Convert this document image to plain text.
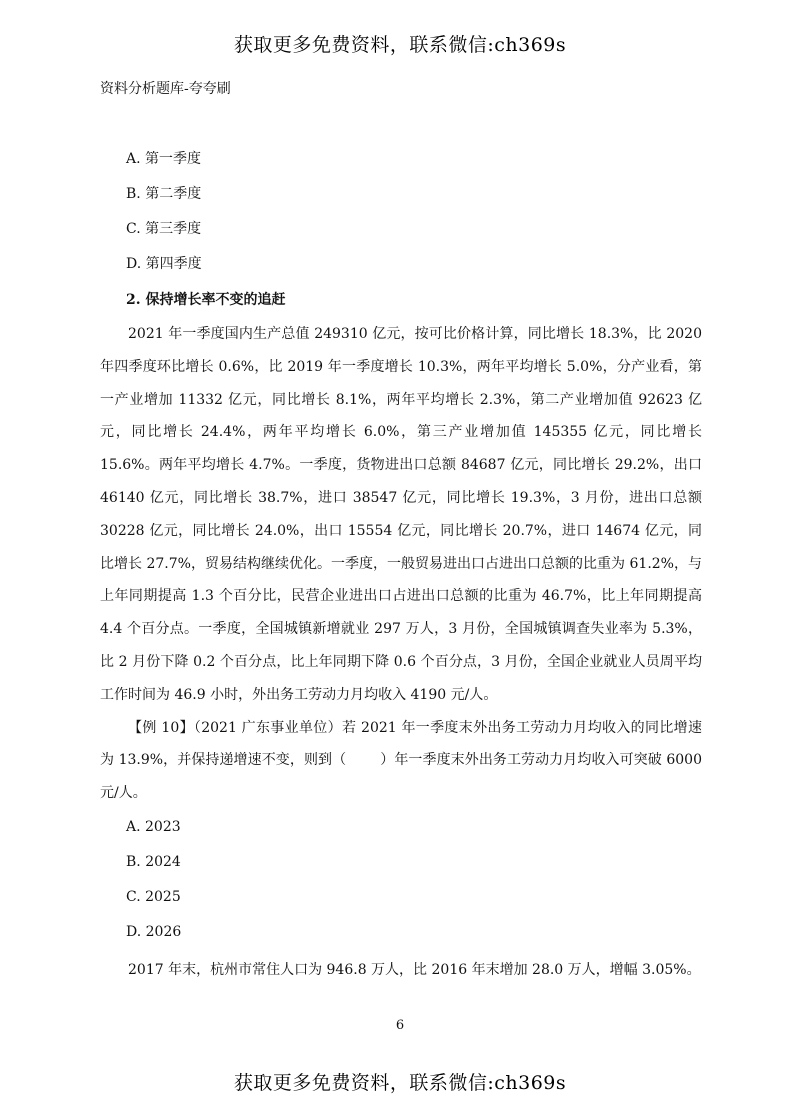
获取更多免费资料，联系微信:ch369s
资料分析题库-夸夸刷
A. 第一季度
B. 第二季度
C. 第三季度
D. 第四季度
2. 保持增长率不变的追赶

2021 年一季度国内生产总值 249310 亿元，按可比价格计算，同比增长 18.3%，比 2020 年四季度环比增长 0.6%，比 2019 年一季度增长 10.3%，两年平均增长 5.0%，分产业看，第一产业增加 11332 亿元，同比增长 8.1%，两年平均增长 2.3%，第二产业增加值 92623 亿元，同比增长 24.4%，两年平均增长 6.0%，第三产业增加值 145355 亿元，同比增长 15.6%。两年平均增长 4.7%。一季度，货物进出口总额 84687 亿元，同比增长 29.2%，出口 46140 亿元，同比增长 38.7%，进口 38547 亿元，同比增长 19.3%，3 月份，进出口总额 30228 亿元，同比增长 24.0%，出口 15554 亿元，同比增长 20.7%，进口 14674 亿元，同比增长 27.7%，贸易结构继续优化。一季度，一般贸易进出口占进出口总额的比重为 61.2%，与上年同期提高 1.3 个百分比，民营企业进出口占进出口总额的比重为 46.7%，比上年同期提高 4.4 个百分点。一季度，全国城镇新增就业 297 万人，3 月份，全国城镇调查失业率为 5.3%，比 2 月份下降 0.2 个百分点，比上年同期下降 0.6 个百分点，3 月份，全国企业就业人员周平均工作时间为 46.9 小时，外出务工劳动力月均收入 4190 元/人。

【例 10】（2021 广东事业单位）若 2021 年一季度末外出务工劳动力月均收入的同比增速为 13.9%，并保持递增速不变，则到（ ）年一季度末外出务工劳动力月均收入可突破 6000 元/人。

A. 2023
B. 2024
C. 2025
D. 2026
2017 年末，杭州市常住人口为 946.8 万人，比 2016 年末增加 28.0 万人，增幅 3.05%。
6
获取更多免费资料，联系微信:ch369s
